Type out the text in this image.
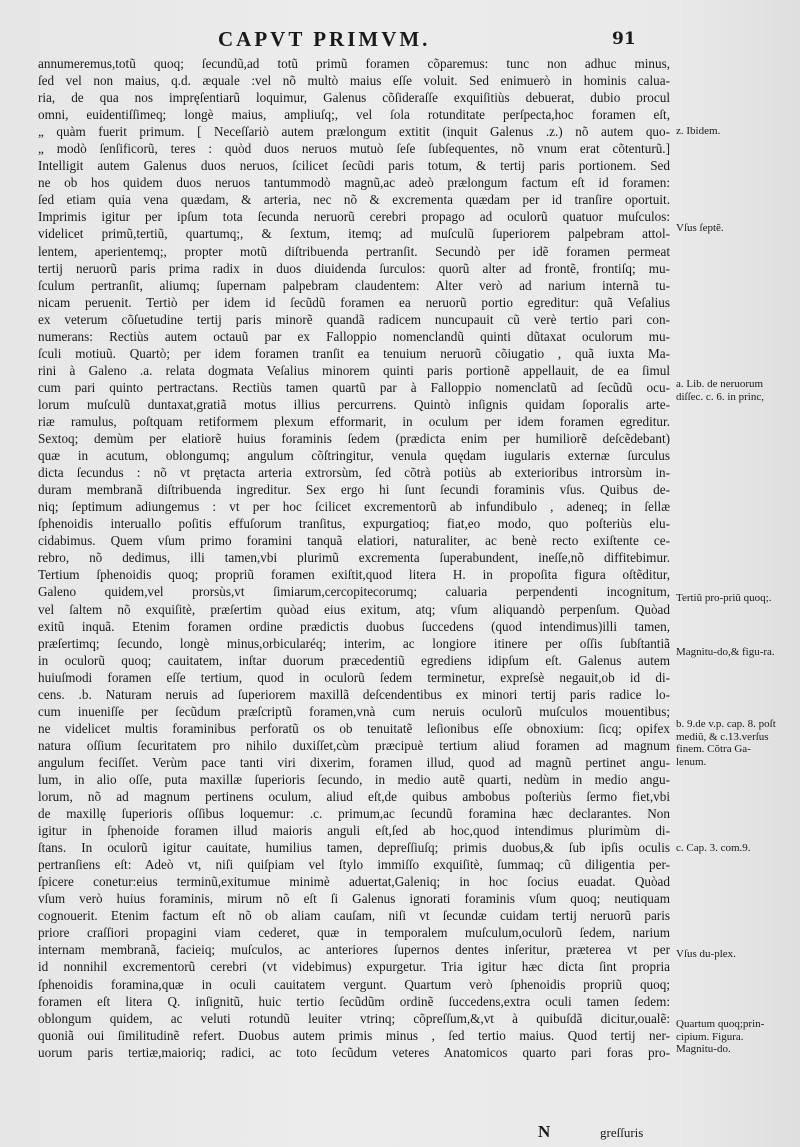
CAPVT PRIMVM.	91
annumeremus,totũ quoq; ſecundũ,ad totũ primũ foramen cõparemus: tunc non adhuc minus,
ſed vel non maius, q.d. æquale :vel nõ multò maius eſſe voluit. Sed enimuerò in hominis calua-
ria, de qua nos impręſentiarũ loquimur, Galenus cõſideraſſe exquiſitiùs debuerat, dubio procul
omni, euidentiſſimeq; longè maius, ampliuſq;, vel ſola rotunditate perſpecta,hoc foramen eſt,
„ quàm fuerit primum. [ Neceſſariò autem prælongum extitit (inquit Galenus .z.) nõ autem quo-
„ modò ſenſificorũ, teres : quòd duos neruos mutuò ſeſe ſubſequentes, nõ vnum erat cõtenturũ.]
Intelligit autem Galenus duos neruos, ſcilicet ſecũdi paris totum, & tertij paris portionem. Sed
ne ob hos quidem duos neruos tantummodò magnũ,ac adeò prælongum factum eſt id foramen:
ſed etiam quia vena quædam, & arteria, nec nõ & excrementa quædam per id tranſire oportuit.
Imprimis igitur per ipſum tota ſecunda neruorũ cerebri propago ad oculorũ quatuor muſculos:
videlicet primũ,tertiũ, quartumq;, & ſextum, itemq; ad muſculũ ſuperiorem palpebram attol-
lentem, aperientemq;, propter motũ diſtribuenda pertranſit. Secundò per idẽ foramen permeat
tertij neruorũ paris prima radix in duos diuidenda ſurculos: quorũ alter ad frontẽ, frontiſq; mu-
ſculum pertranſit, aliumq; ſupernam palpebram claudentem: Alter verò ad narium internã tu-
nicam peruenit. Tertiò per idem id ſecũdũ foramen ea neruorũ portio egreditur: quã Veſalius
ex veterum cõſuetudine tertij paris minorẽ quandã radicem nuncupauit cũ verè tertio pari con-
numerans: Rectiùs autem octauũ par ex Falloppio nomenclandũ quinti dũtaxat oculorum mu-
ſculi motiuũ. Quartò; per idem foramen tranſit ea tenuium neruorũ cõiugatio , quã iuxta Ma-
rini à Galeno .a. relata dogmata Veſalius minorem quinti paris portionẽ appellauit, de ea ſimul
cum pari quinto pertractans. Rectiùs tamen quartũ par à Falloppio nomenclatũ ad ſecũdũ ocu-
lorum muſculũ duntaxat,gratiã motus illius percurrens. Quintò inſignis quidam ſoporalis arte-
riæ ramulus, poſtquam retiformem plexum efformarit, in oculum per idem foramen egreditur.
Sextoq; demùm per elatiorẽ huius foraminis ſedem (prædicta enim per humiliorẽ deſcẽdebant)
quæ in acutum, oblongumq; angulum cõſtringitur, venula quędam iugularis externæ ſurculus
dicta ſecundus : nõ vt prętacta arteria extrorsùm, ſed cõtrà potiùs ab exterioribus introrsùm in-
duram membranã diſtribuenda ingreditur. Sex ergo hi ſunt ſecundi foraminis vſus. Quibus de-
niq; ſeptimum adiungemus : vt per hoc ſcilicet excrementorũ ab infundibulo , adeneq; in ſellæ
ſphenoidis interuallo poſitis effuſorum tranſitus, expurgatioq; fiat,eo modo, quo poſteriùs elu-
cidabimus. Quem vſum primo foramini tanquã elatiori, naturaliter, ac benè recto exiſtente ce-
rebro, nõ dedimus, illi tamen,vbi plurimũ excrementa ſuperabundent, ineſſe,nõ diffitebimur.
Tertium ſphenoidis quoq; propriũ foramen exiſtit,quod litera H. in propoſita figura oſtẽditur,
Galeno quidem,vel prorsùs,vt ſimiarum,cercopitecorumq; caluaria perpendenti incognitum,
vel ſaltem nõ exquiſitè, præſertim quòad eius exitum, atq; vſum aliquandò perpenſum. Quòad
exitũ inquã. Etenim foramen ordine prædictis duobus ſuccedens (quod intendimus)illi tamen,
præſertimq; ſecundo, longè minus,orbicularéq; interim, ac longiore itinere per oſſis ſubſtantiã
in oculorũ quoq; cauitatem, inſtar duorum præcedentiũ egrediens idipſum eſt. Galenus autem
huiuſmodi foramen eſſe tertium, quod in oculorũ ſedem terminetur, expreſsè negauit,ob id di-
cens. .b. Naturam neruis ad ſuperiorem maxillã deſcendentibus ex minori tertij paris radice lo-
cum inueniſſe per ſecũdum præſcriptũ foramen,vnà cum neruis oculorũ muſculos mouentibus;
ne videlicet multis foraminibus perforatũ os ob tenuitatẽ leſionibus eſſe obnoxium: ſicq; opifex
natura oſſium ſecuritatem pro nihilo duxiſſet,cùm præcipuè tertium aliud foramen ad magnum
angulum feciſſet. Verùm pace tanti viri dixerim, foramen illud, quod ad magnũ pertinet angu-
lum, in alio oſſe, puta maxillæ ſuperioris ſecundo, in medio autẽ quarti, nedùm in medio angu-
lorum, nõ ad magnum pertinens oculum, aliud eſt,de quibus ambobus poſteriùs ſermo fiet,vbi
de maxillę ſuperioris oſſibus loquemur: .c. primum,ac ſecundũ foramina hæc declarantes. Non
igitur in ſphenoide foramen illud maioris anguli eſt,ſed ab hoc,quod intendimus plurimùm di-
ſtans. In oculorũ igitur cauitate, humilius tamen, depreſſiuſq; primis duobus,& ſub ipſis oculis
pertranſiens eſt: Adeò vt, niſi quiſpiam vel ſtylo immiſſo exquiſitè, ſummaq; cũ diligentia per-
ſpicere conetur:eius terminũ,exitumue minimè aduertat,Galeniq; in hoc ſocius euadat. Quòad
vſum verò huius foraminis, mirum nõ eſt ſi Galenus ignorati foraminis vſum quoq; neutiquam
cognouerit. Etenim factum eſt nõ ob aliam cauſam, niſi vt ſecundæ cuidam tertij neruorũ paris
priore craſſiori propagini viam cederet, quæ in temporalem muſculum,oculorũ ſedem, narium
internam membranã, facieiq; muſculos, ac anteriores ſupernos dentes inſeritur, præterea vt per
id nonnihil excrementorũ cerebri (vt videbimus) expurgetur. Tria igitur hæc dicta ſint propria
ſphenoidis foramina,quæ in oculi cauitatem vergunt. Quartum verò ſphenoidis propriũ quoq;
foramen eſt litera Q. inſignitũ, huic tertio ſecũdũm ordinẽ ſuccedens,extra oculi tamen ſedem:
oblongum quidem, ac veluti rotundũ leuiter vtrinq; cõpreſſum,&,vt à quibuſdã dicitur,oualẽ:
quoniã oui ſimilitudinẽ refert. Duobus autem primis minus , ſed tertio maius. Quod tertij ner-
uorum paris tertiæ,maioriq; radici, ac toto ſecũdum veteres Anatomicos quarto pari foras pro-
z. Ibidem.
Vſus ſeptẽ.
a. Lib. de neruorum diſſec. c. 6. in princ,
Tertiũ pro-priũ quoq;.
Magnitu-do,& figu-ra.
b. 9.de v.p. cap. 8. poſt mediũ, & c.13.verſus finem. Cõtra Ga-lenum.
c. Cap. 3. com.9.
Vſus du-plex.
Quartum quoq;prin-cipium. Figura. Magnitu-do.
N	greſſuris
